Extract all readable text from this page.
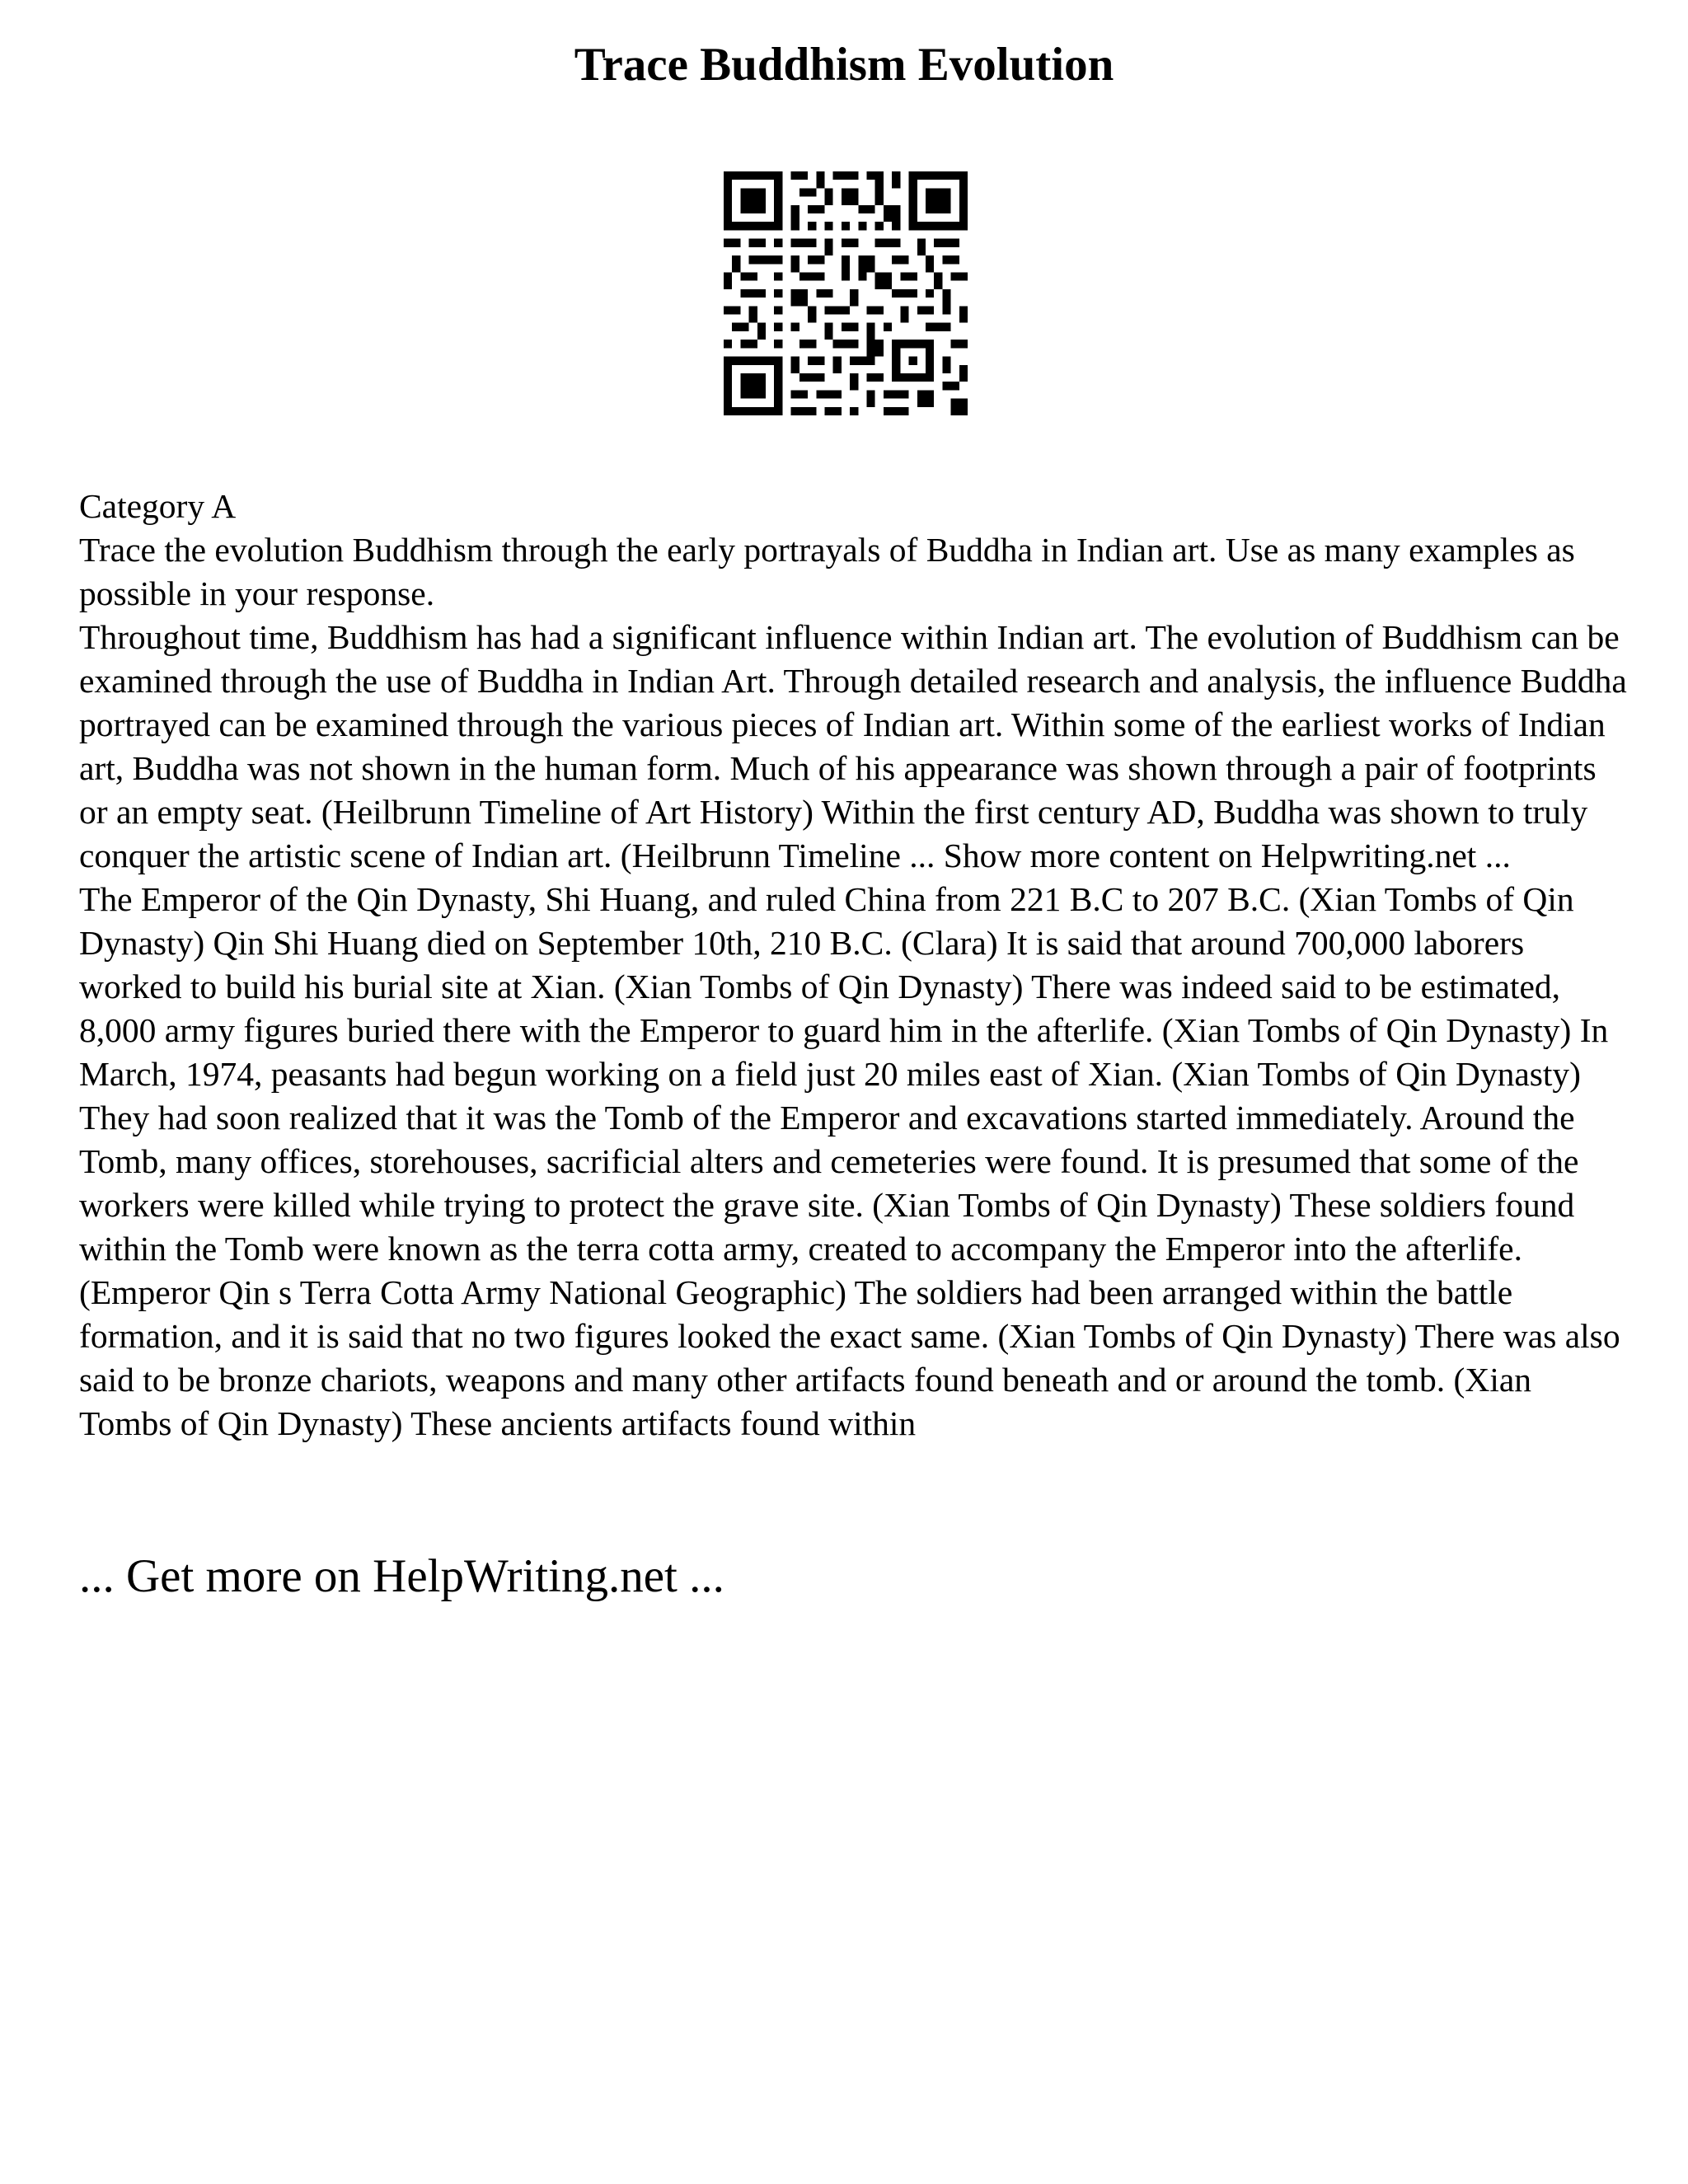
Trace Buddhism Evolution

Category A

Trace the evolution Buddhism through the early portrayals of Buddha in Indian art. Use as many examples as possible in your response.

Throughout time, Buddhism has had a significant influence within Indian art. The evolution of Buddhism can be examined through the use of Buddha in Indian Art. Through detailed research and analysis, the influence Buddha portrayed can be examined through the various pieces of Indian art. Within some of the earliest works of Indian art, Buddha was not shown in the human form. Much of his appearance was shown through a pair of footprints or an empty seat. (Heilbrunn Timeline of Art History) Within the first century AD, Buddha was shown to truly conquer the artistic scene of Indian art. (Heilbrunn Timeline ... Show more content on Helpwriting.net ...

The Emperor of the Qin Dynasty, Shi Huang, and ruled China from 221 B.C to 207 B.C. (Xian Tombs of Qin Dynasty) Qin Shi Huang died on September 10th, 210 B.C. (Clara) It is said that around 700,000 laborers worked to build his burial site at Xian. (Xian Tombs of Qin Dynasty) There was indeed said to be estimated, 8,000 army figures buried there with the Emperor to guard him in the afterlife. (Xian Tombs of Qin Dynasty) In March, 1974, peasants had begun working on a field just 20 miles east of Xian. (Xian Tombs of Qin Dynasty) They had soon realized that it was the Tomb of the Emperor and excavations started immediately. Around the Tomb, many offices, storehouses, sacrificial alters and cemeteries were found. It is presumed that some of the workers were killed while trying to protect the grave site. (Xian Tombs of Qin Dynasty) These soldiers found within the Tomb were known as the terra cotta army, created to accompany the Emperor into the afterlife. (Emperor Qin s Terra Cotta Army National Geographic) The soldiers had been arranged within the battle formation, and it is said that no two figures looked the exact same. (Xian Tombs of Qin Dynasty) There was also said to be bronze chariots, weapons and many other artifacts found beneath and or around the tomb. (Xian Tombs of Qin Dynasty) These ancients artifacts found within

... Get more on HelpWriting.net ...
